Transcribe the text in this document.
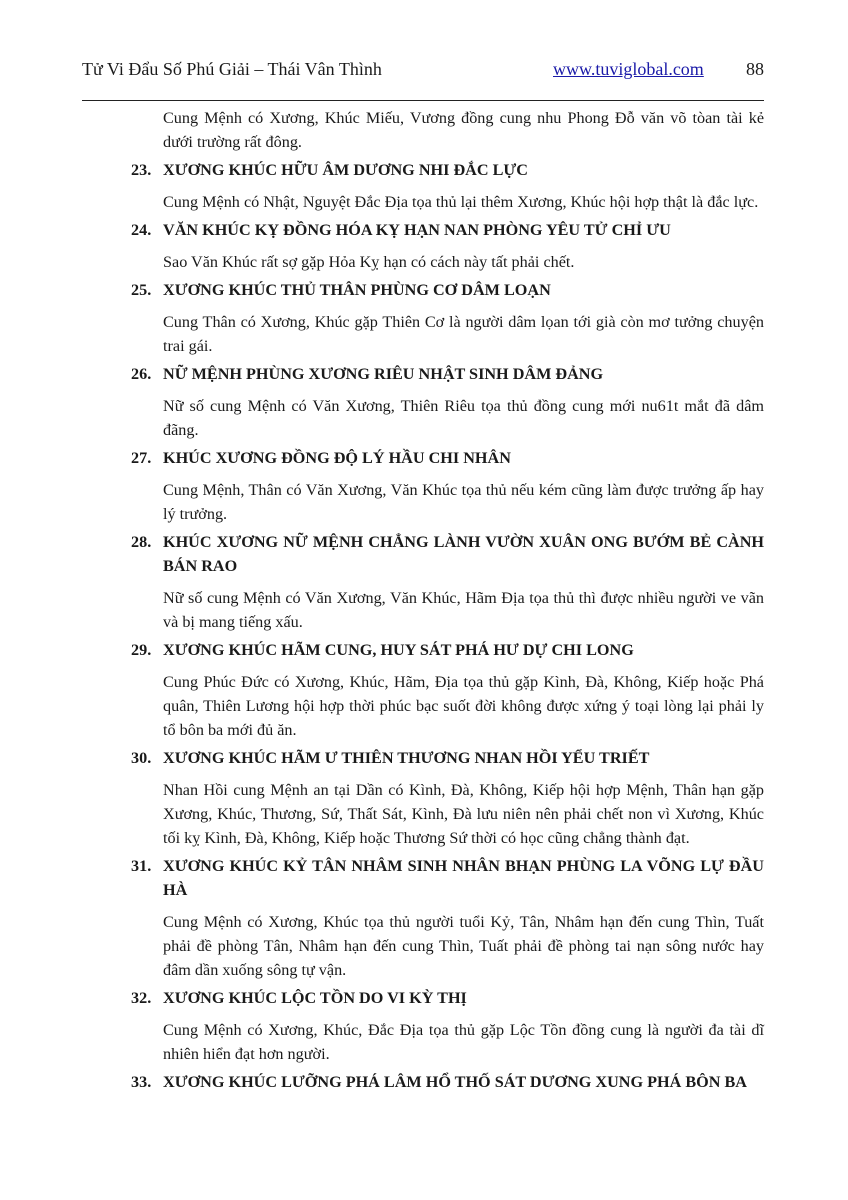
Tử Vi Đẩu Số Phú Giải – Thái Vân Thình	www.tuviglobal.com 88

Cung Mệnh có Xương, Khúc Miếu, Vương đồng cung nhu Phong Đỗ văn võ tòan tài kẻ dưới trường rất đông.

23. XƯƠNG KHÚC HỮU ÂM DƯƠNG NHI ĐẮC LỰC

Cung Mệnh có Nhật, Nguyệt Đắc Địa tọa thủ lại thêm Xương, Khúc hội hợp thật là đắc lực.

24. VĂN KHÚC KỴ ĐỒNG HÓA KỴ HẠN NAN PHÒNG YÊU TỬ CHỈ ƯU

Sao Văn Khúc rất sợ gặp Hỏa Kỵ hạn có cách này tất phải chết.

25. XƯƠNG KHÚC THỦ THÂN PHÙNG CƠ DÂM LOẠN

Cung Thân có Xương, Khúc gặp Thiên Cơ là người dâm lọan tới già còn mơ tưởng chuyện trai gái.

26. NỮ MỆNH PHÙNG XƯƠNG RIÊU NHẬT SINH DÂM ĐẢNG

Nữ số cung Mệnh có Văn Xương, Thiên Riêu tọa thủ đồng cung mới nu61t mắt đã dâm đãng.

27. KHÚC XƯƠNG ĐỒNG ĐỘ LÝ HẦU CHI NHÂN

Cung Mệnh, Thân có Văn Xương, Văn Khúc tọa thủ nếu kém cũng làm được trưởng ấp hay lý trưởng.

28. KHÚC XƯƠNG NỮ MỆNH CHẲNG LÀNH VƯỜN XUÂN ONG BƯỚM BẺ CÀNH BÁN RAO

Nữ số cung Mệnh có Văn Xương, Văn Khúc, Hãm Địa tọa thủ thì được nhiều người ve vãn và bị mang tiếng xấu.

29. XƯƠNG KHÚC HÃM CUNG, HUY SÁT PHÁ HƯ DỰ CHI LONG

Cung Phúc Đức có Xương, Khúc, Hãm, Địa tọa thủ gặp Kình, Đà, Không, Kiếp hoặc Phá quân, Thiên Lương hội hợp thời phúc bạc suốt đời không được xứng ý toại lòng lại phải ly tổ bôn ba mới đủ ăn.

30. XƯƠNG KHÚC HÃM Ư THIÊN THƯƠNG NHAN HỒI YỂU TRIẾT

Nhan Hồi cung Mệnh an tại Dần có Kình, Đà, Không, Kiếp hội hợp Mệnh, Thân hạn gặp Xương, Khúc, Thương, Sứ, Thất Sát, Kình, Đà lưu niên nên phải chết non vì Xương, Khúc tối kỵ Kình, Đà, Không, Kiếp hoặc Thương Sứ thời có học cũng chẳng thành đạt.

31. XƯƠNG KHÚC KỶ TÂN NHÂM SINH NHÂN BHẠN PHÙNG LA VÕNG LỰ ĐẦU HÀ

Cung Mệnh có Xương, Khúc tọa thủ người tuổi Kỷ, Tân, Nhâm hạn đến cung Thìn, Tuất phải đề phòng Tân, Nhâm hạn đến cung Thìn, Tuất phải đề phòng tai nạn sông nước hay đâm dần xuống sông tự vận.

32. XƯƠNG KHÚC LỘC TỒN DO VI KỲ THỊ

Cung Mệnh có Xương, Khúc, Đắc Địa tọa thủ gặp Lộc Tồn đồng cung là người đa tài dĩ nhiên hiển đạt hơn người.

33. XƯƠNG KHÚC LƯỠNG PHÁ LÂM HỔ THỐ SÁT DƯƠNG XUNG PHÁ BÔN BA
